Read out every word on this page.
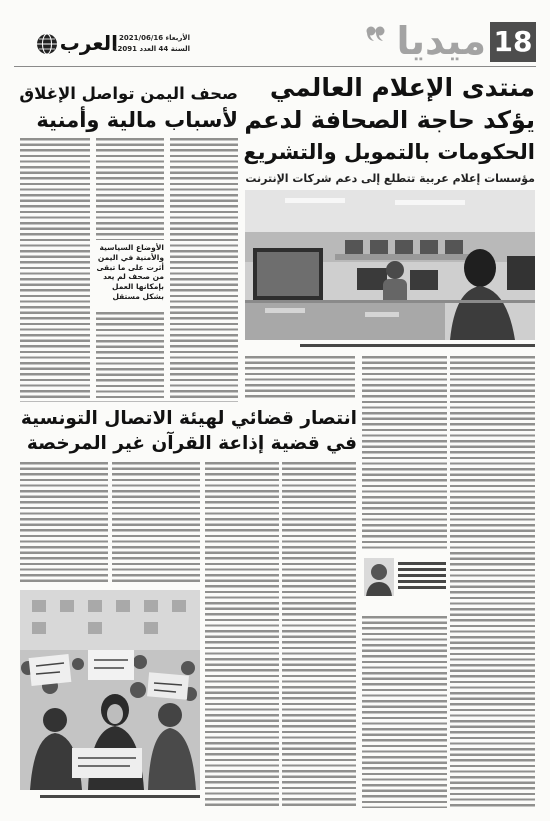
العرب الأربعاء 2021/06/16
السنة 44 العدد 12091	ميديا 18
منتدى الإعلام العالمي
يؤكد حاجة الصحافة لدعم
الحكومات بالتمويل والتشريع
مؤسسات إعلام عربية تتطلع إلى دعم شركات الإنترنت
صحف اليمن تواصل الإغلاق
لأسباب مالية وأمنية
الأوضاع السياسية والأمنية في اليمن أثرت على ما تبقى من صحف لم يعد بإمكانها العمل بشكل مستقل
انتصار قضائي لهيئة الاتصال التونسية
في قضية إذاعة القرآن غير المرخصة
